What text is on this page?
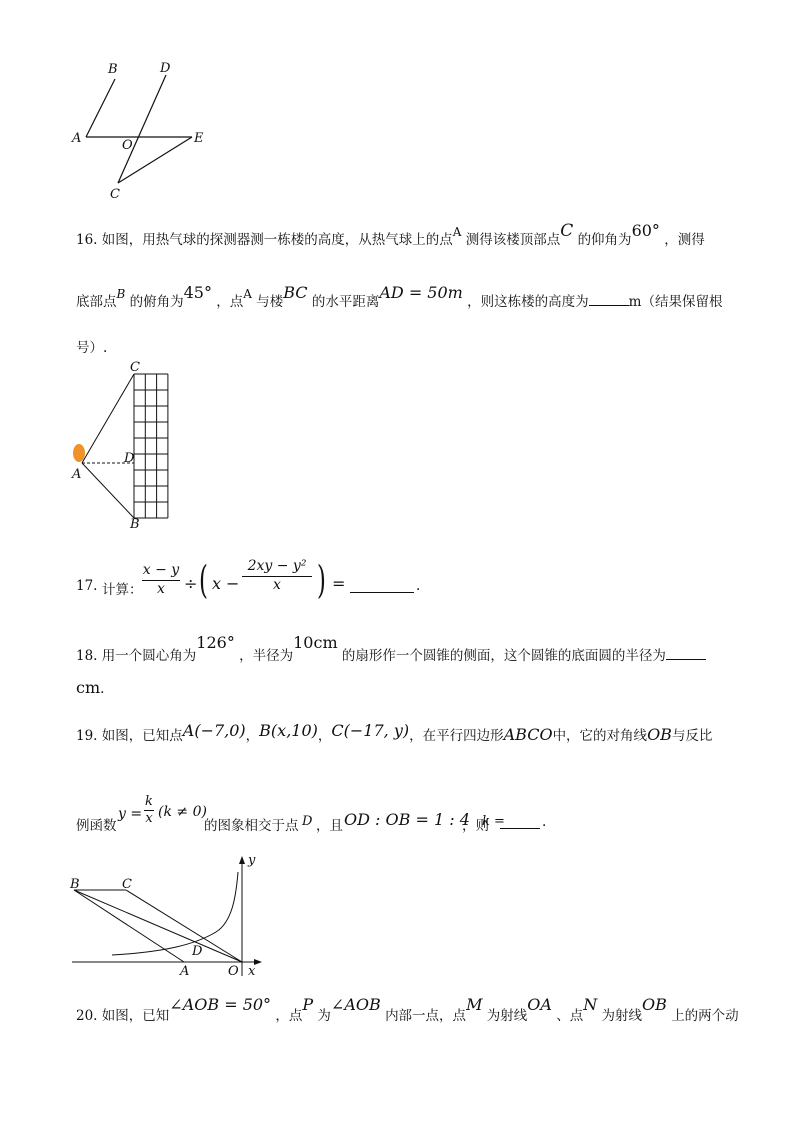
B	D
A	O	E
C
16. 如图，用热气球的探测器测一栋楼的高度，从热气球上的点A 测得该楼顶部点C 的仰角为60° ，测得
底部点B 的俯角为45° ，点A 与楼BC 的水平距离AD = 50m ，则这栋楼的高度为	m（结果保留根
号）.
C
D
A
B
17. 计算：
x − y
x	÷ ( x −
2xy − y²
x ) =	.
18. 用一个圆心角为126° ，半径为10cm 的扇形作一个圆锥的侧面，这个圆锥的底面圆的半径为
cm.
19. 如图，已知点A(−7,0)，B(x,10)，C(−17, y)，在平行四边形ABCO中，它的对角线OB与反比
例函数
y =
k
x (k ≠ 0)
的图象相交于点 D ，且 OD : OB = 1 : 4
，则
k =	.
y
B	C
D
A	O x
20. 如图，已知∠AOB = 50° ，点P 为∠AOB 内部一点，点M 为射线OA 、点N 为射线OB 上的两个动
